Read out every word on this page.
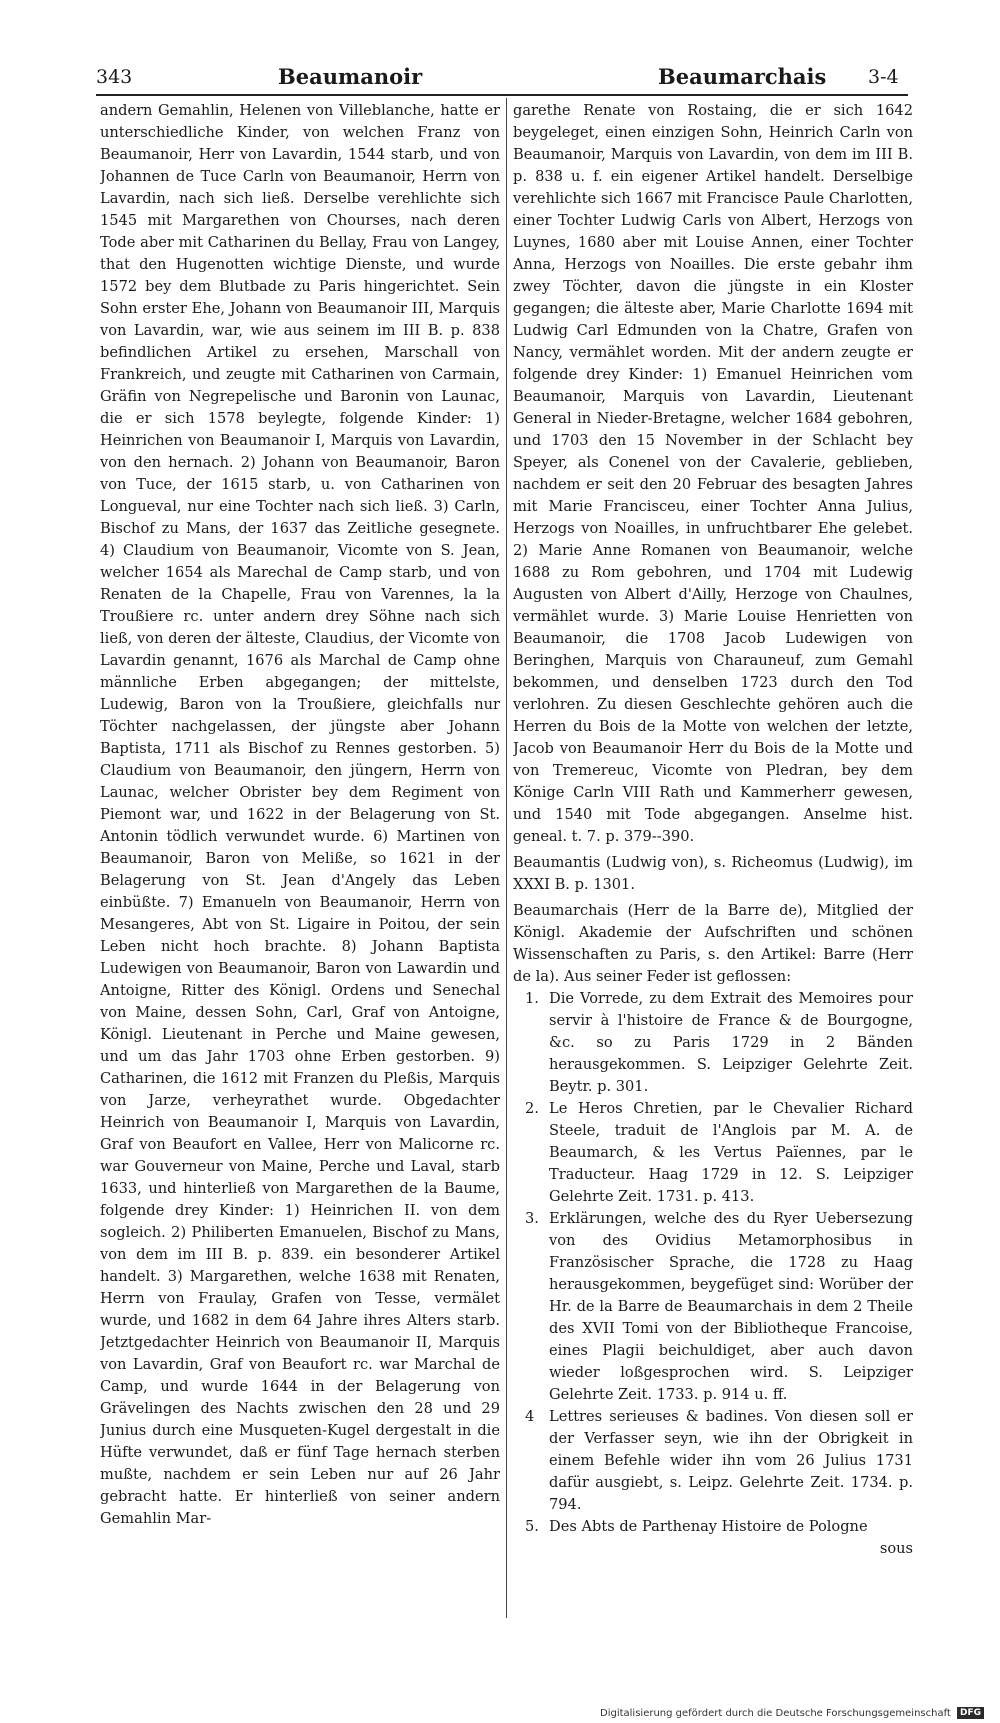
343	Beaumanoir	Beaumarchais 3-4

andern Gemahlin, Helenen von Villeblanche, hatte er unterschiedliche Kinder, von welchen Franz von Beaumanoir, Herr von Lavardin, 1544 starb, und von Johannen de Tuce Carln von Beaumanoir, Herrn von Lavardin, nach sich ließ. Derselbe verehlichte sich 1545 mit Margarethen von Chourses, nach deren Tode aber mit Catharinen du Bellay, Frau von Langey, that den Hugenotten wichtige Dienste, und wurde 1572 bey dem Blutbade zu Paris hingerichtet. Sein Sohn erster Ehe, Johann von Beaumanoir III, Marquis von Lavardin, war, wie aus seinem im III B. p. 838 befindlichen Artikel zu ersehen, Marschall von Frankreich, und zeugte mit Catharinen von Carmain, Gräfin von Negrepelische und Baronin von Launac, die er sich 1578 beylegte, folgende Kinder: 1) Heinrichen von Beaumanoir I, Marquis von Lavardin, von den hernach. 2) Johann von Beaumanoir, Baron von Tuce, der 1615 starb, u. von Catharinen von Longueval, nur eine Tochter nach sich ließ. 3) Carln, Bischof zu Mans, der 1637 das Zeitliche gesegnete. 4) Claudium von Beaumanoir, Vicomte von S. Jean, welcher 1654 als Marechal de Camp starb, und von Renaten de la Chapelle, Frau von Varennes, la la Troußiere rc. unter andern drey Söhne nach sich ließ, von deren der älteste, Claudius, der Vicomte von Lavardin genannt, 1676 als Marchal de Camp ohne männliche Erben abgegangen; der mittelste, Ludewig, Baron von la Troußiere, gleichfalls nur Töchter nachgelassen, der jüngste aber Johann Baptista, 1711 als Bischof zu Rennes gestorben. 5) Claudium von Beaumanoir, den jüngern, Herrn von Launac, welcher Obrister bey dem Regiment von Piemont war, und 1622 in der Belagerung von St. Antonin tödlich verwundet wurde. 6) Martinen von Beaumanoir, Baron von Meliße, so 1621 in der Belagerung von St. Jean d'Angely das Leben einbüßte. 7) Emanueln von Beaumanoir, Herrn von Mesangeres, Abt von St. Ligaire in Poitou, der sein Leben nicht hoch brachte. 8) Johann Baptista Ludewigen von Beaumanoir, Baron von Lawardin und Antoigne, Ritter des Königl. Ordens und Senechal von Maine, dessen Sohn, Carl, Graf von Antoigne, Königl. Lieutenant in Perche und Maine gewesen, und um das Jahr 1703 ohne Erben gestorben. 9) Catharinen, die 1612 mit Franzen du Pleßis, Marquis von Jarze, verheyrathet wurde. Obgedachter Heinrich von Beaumanoir I, Marquis von Lavardin, Graf von Beaufort en Vallee, Herr von Malicorne rc. war Gouverneur von Maine, Perche und Laval, starb 1633, und hinterließ von Margarethen de la Baume, folgende drey Kinder: 1) Heinrichen II. von dem sogleich. 2) Philiberten Emanuelen, Bischof zu Mans, von dem im III B. p. 839. ein besonderer Artikel handelt. 3) Margarethen, welche 1638 mit Renaten, Herrn von Fraulay, Grafen von Tesse, vermälet wurde, und 1682 in dem 64 Jahre ihres Alters starb. Jetztgedachter Heinrich von Beaumanoir II, Marquis von Lavardin, Graf von Beaufort rc. war Marchal de Camp, und wurde 1644 in der Belagerung von Grävelingen des Nachts zwischen den 28 und 29 Junius durch eine Musqueten-Kugel dergestalt in die Hüfte verwundet, daß er fünf Tage hernach sterben mußte, nachdem er sein Leben nur auf 26 Jahr gebracht hatte. Er hinterließ von seiner andern Gemahlin Mar-

garethe Renate von Rostaing, die er sich 1642 beygeleget, einen einzigen Sohn, Heinrich Carln von Beaumanoir, Marquis von Lavardin, von dem im III B. p. 838 u. f. ein eigener Artikel handelt. Derselbige verehlichte sich 1667 mit Francisce Paule Charlotten, einer Tochter Ludwig Carls von Albert, Herzogs von Luynes, 1680 aber mit Louise Annen, einer Tochter Anna, Herzogs von Noailles. Die erste gebahr ihm zwey Töchter, davon die jüngste in ein Kloster gegangen; die älteste aber, Marie Charlotte 1694 mit Ludwig Carl Edmunden von la Chatre, Grafen von Nancy, vermählet worden. Mit der andern zeugte er folgende drey Kinder: 1) Emanuel Heinrichen vom Beaumanoir, Marquis von Lavardin, Lieutenant General in Nieder-Bretagne, welcher 1684 gebohren, und 1703 den 15 November in der Schlacht bey Speyer, als Conenel von der Cavalerie, geblieben, nachdem er seit den 20 Februar des besagten Jahres mit Marie Francisceu, einer Tochter Anna Julius, Herzogs von Noailles, in unfruchtbarer Ehe gelebet. 2) Marie Anne Romanen von Beaumanoir, welche 1688 zu Rom gebohren, und 1704 mit Ludewig Augusten von Albert d'Ailly, Herzoge von Chaulnes, vermählet wurde. 3) Marie Louise Henrietten von Beaumanoir, die 1708 Jacob Ludewigen von Beringhen, Marquis von Charauneuf, zum Gemahl bekommen, und denselben 1723 durch den Tod verlohren. Zu diesen Geschlechte gehören auch die Herren du Bois de la Motte von welchen der letzte, Jacob von Beaumanoir Herr du Bois de la Motte und von Tremereuc, Vicomte von Pledran, bey dem Könige Carln VIII Rath und Kammerherr gewesen, und 1540 mit Tode abgegangen. Anselme hist. geneal. t. 7. p. 379--390.

Beaumantis (Ludwig von), s. Richeomus (Ludwig), im XXXI B. p. 1301.

Beaumarchais (Herr de la Barre de), Mitglied der Königl. Akademie der Aufschriften und schönen Wissenschaften zu Paris, s. den Artikel: Barre (Herr de la). Aus seiner Feder ist geflossen:

1. Die Vorrede, zu dem Extrait des Memoires pour servir à l'histoire de France & de Bourgogne, &c. so zu Paris 1729 in 2 Bänden herausgekommen. S. Leipziger Gelehrte Zeit. Beytr. p. 301.
2. Le Heros Chretien, par le Chevalier Richard Steele, traduit de l'Anglois par M. A. de Beaumarch, & les Vertus Païennes, par le Traducteur. Haag 1729 in 12. S. Leipziger Gelehrte Zeit. 1731. p. 413.
3. Erklärungen, welche des du Ryer Uebersezung von des Ovidius Metamorphosibus in Französischer Sprache, die 1728 zu Haag herausgekommen, beygefüget sind: Worüber der Hr. de la Barre de Beaumarchais in dem 2 Theile des XVII Tomi von der Bibliotheque Francoise, eines Plagii beichuldiget, aber auch davon wieder loßgesprochen wird. S. Leipziger Gelehrte Zeit. 1733. p. 914 u. ff.
4 Lettres serieuses & badines. Von diesen soll er der Verfasser seyn, wie ihn der Obrigkeit in einem Befehle wider ihn vom 26 Julius 1731 dafür ausgiebt, s. Leipz. Gelehrte Zeit. 1734. p. 794.
5. Des Abts de Parthenay Histoire de Pologne

sous

Digitalisierung gefördert durch die Deutsche Forschungsgemeinschaft DFG
